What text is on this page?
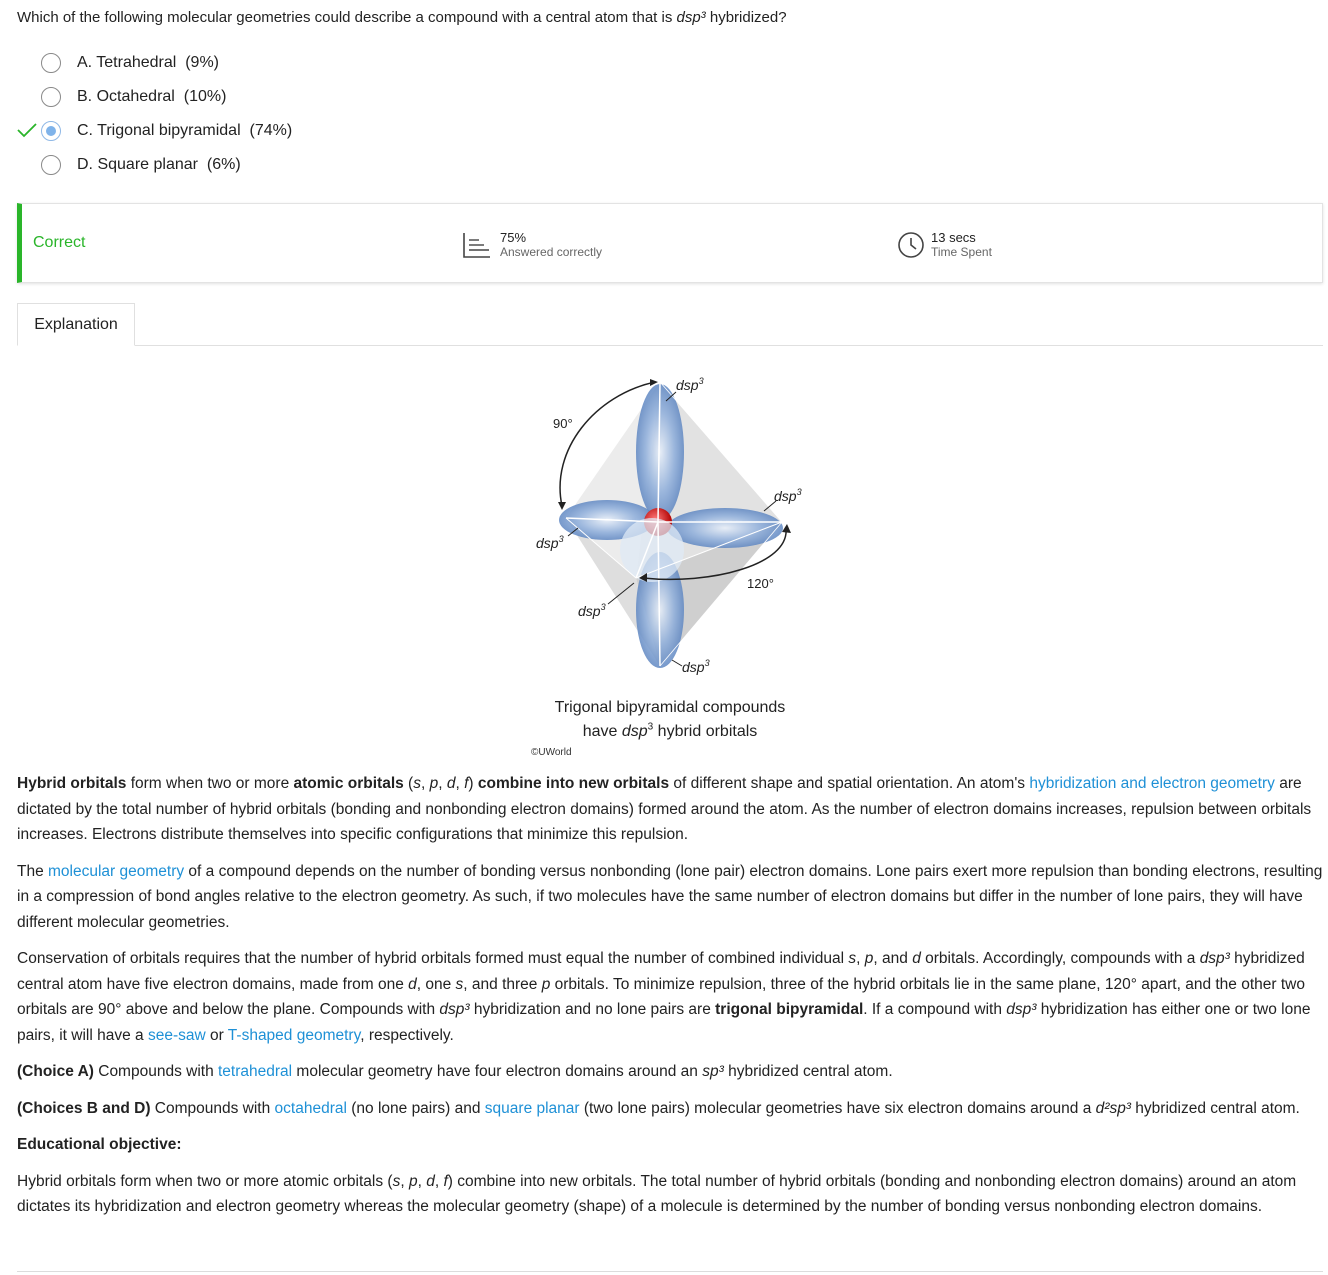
Which of the following molecular geometries could describe a compound with a central atom that is dsp³ hybridized?
A. Tetrahedral (9%)
B. Octahedral (10%)
C. Trigonal bipyramidal (74%)
D. Square planar (6%)
Correct	75%
Answered correctly
13 secs
Time Spent
Explanation
dsp$^3$
dsp$^3$
dsp$^3$
dsp$^3$
dsp$^3$
90°
120°
Trigonal bipyramidal compounds
have dsp$^3$ hybrid orbitals
©UWorld

Hybrid orbitals form when two or more atomic orbitals (s, p, d, f) combine into new orbitals of different shape and spatial orientation. An atom's hybridization and electron geometry are dictated by the total number of hybrid orbitals (bonding and nonbonding electron domains) formed around the atom. As the number of electron domains increases, repulsion between orbitals increases. Electrons distribute themselves into specific configurations that minimize this repulsion.

The molecular geometry of a compound depends on the number of bonding versus nonbonding (lone pair) electron domains. Lone pairs exert more repulsion than bonding electrons, resulting in a compression of bond angles relative to the electron geometry. As such, if two molecules have the same number of electron domains but differ in the number of lone pairs, they will have different molecular geometries.

Conservation of orbitals requires that the number of hybrid orbitals formed must equal the number of combined individual s, p, and d orbitals. Accordingly, compounds with a dsp³ hybridized central atom have five electron domains, made from one d, one s, and three p orbitals. To minimize repulsion, three of the hybrid orbitals lie in the same plane, 120° apart, and the other two orbitals are 90° above and below the plane. Compounds with dsp³ hybridization and no lone pairs are trigonal bipyramidal. If a compound with dsp³ hybridization has either one or two lone pairs, it will have a see-saw or T-shaped geometry, respectively.

(Choice A) Compounds with tetrahedral molecular geometry have four electron domains around an sp³ hybridized central atom.

(Choices B and D) Compounds with octahedral (no lone pairs) and square planar (two lone pairs) molecular geometries have six electron domains around a d²sp³ hybridized central atom.

Educational objective:

Hybrid orbitals form when two or more atomic orbitals (s, p, d, f) combine into new orbitals. The total number of hybrid orbitals (bonding and nonbonding electron domains) around an atom dictates its hybridization and electron geometry whereas the molecular geometry (shape) of a molecule is determined by the number of bonding versus nonbonding electron domains.
